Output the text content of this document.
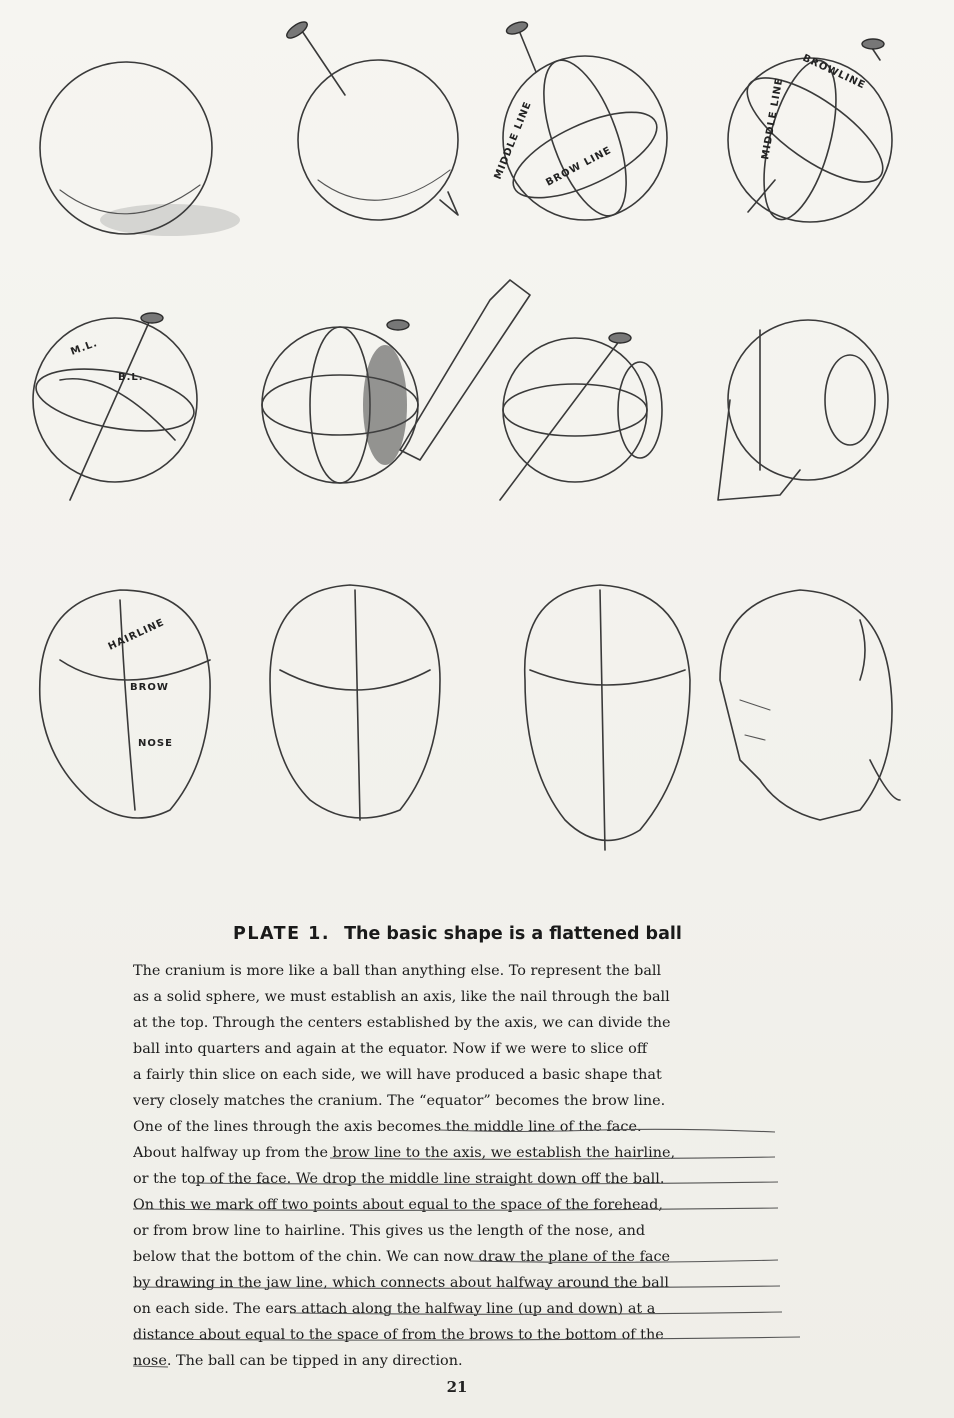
MIDDLE LINE BROW LINE
BROWLINE
MIDDLE LINE
M.L.
B.L.
HAIRLINE
BROW
NOSE
PLATE 1. The basic shape is a flattened ball
The cranium is more like a ball than anything else. To represent the ball
as a solid sphere, we must establish an axis, like the nail through the ball
at the top. Through the centers established by the axis, we can divide the
ball into quarters and again at the equator. Now if we were to slice off
a fairly thin slice on each side, we will have produced a basic shape that
very closely matches the cranium. The “equator” becomes the brow line.
One of the lines through the axis becomes the middle line of the face.
About halfway up from the brow line to the axis, we establish the hairline,
or the top of the face. We drop the middle line straight down off the ball.
On this we mark off two points about equal to the space of the forehead,
or from brow line to hairline. This gives us the length of the nose, and
below that the bottom of the chin. We can now draw the plane of the face
by drawing in the jaw line, which connects about halfway around the ball
on each side. The ears attach along the halfway line (up and down) at a
distance about equal to the space of from the brows to the bottom of the
nose. The ball can be tipped in any direction.
21
